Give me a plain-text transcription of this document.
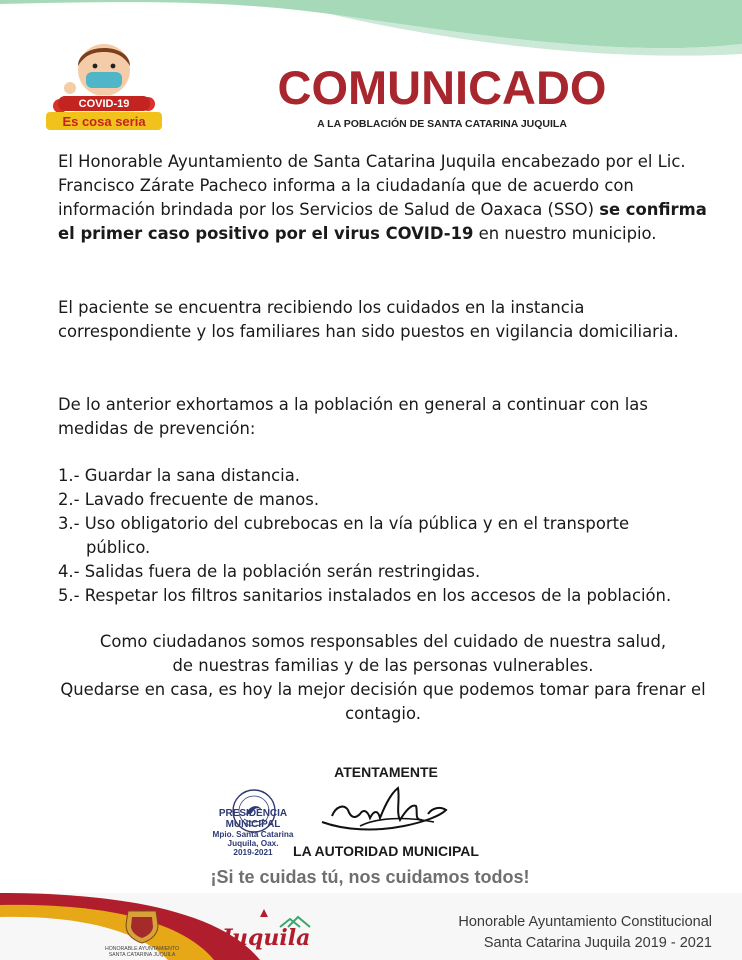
COVID-19
Es cosa seria
COMUNICADO
A LA POBLACIÓN DE SANTA CATARINA JUQUILA

El Honorable Ayuntamiento de Santa Catarina Juquila encabezado por el Lic. Francisco Zárate Pacheco informa a la ciudadanía que de acuerdo con información brindada por los Servicios de Salud de Oaxaca (SSO) se confirma el primer caso positivo por el virus COVID-19 en nuestro municipio.

El paciente se encuentra recibiendo los cuidados en la instancia correspondiente y los familiares han sido puestos en vigilancia domiciliaria.

De lo anterior exhortamos a la población en general a continuar con las medidas de prevención:

1.- Guardar la sana distancia.
2.- Lavado frecuente de manos.
3.- Uso obligatorio del cubrebocas en la vía pública y en el transporte
público.
4.- Salidas fuera de la población serán restringidas.
5.- Respetar los filtros sanitarios instalados en los accesos de la población.
Como ciudadanos somos responsables del cuidado de nuestra salud,
de nuestras familias y de las personas vulnerables.
Quedarse en casa, es hoy la mejor decisión que podemos tomar para frenar el contagio.
PRESIDENCIA MUNICIPAL
Mpio. Santa Catarina
Juquila, Oax.
2019-2021
ATENTAMENTE
LA AUTORIDAD MUNICIPAL
¡Si te cuidas tú, nos cuidamos todos!
HONORABLE AYUNTAMIENTO
SANTA CATARINA JUQUILA
Juquila
Honorable Ayuntamiento Constitucional
Santa Catarina Juquila 2019 - 2021
